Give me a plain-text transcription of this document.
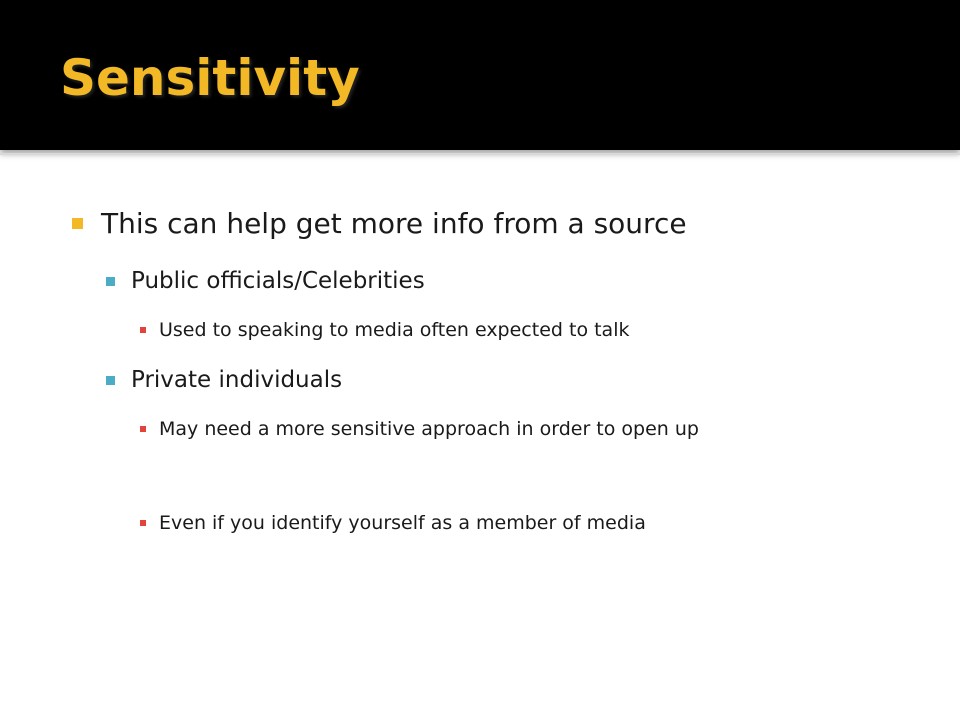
Sensitivity
This can help get more info from a source
Public officials/Celebrities
Used to speaking to media often expected to talk
Private individuals
May need a more sensitive approach in order to open up
Even if you identify yourself as a member of media
